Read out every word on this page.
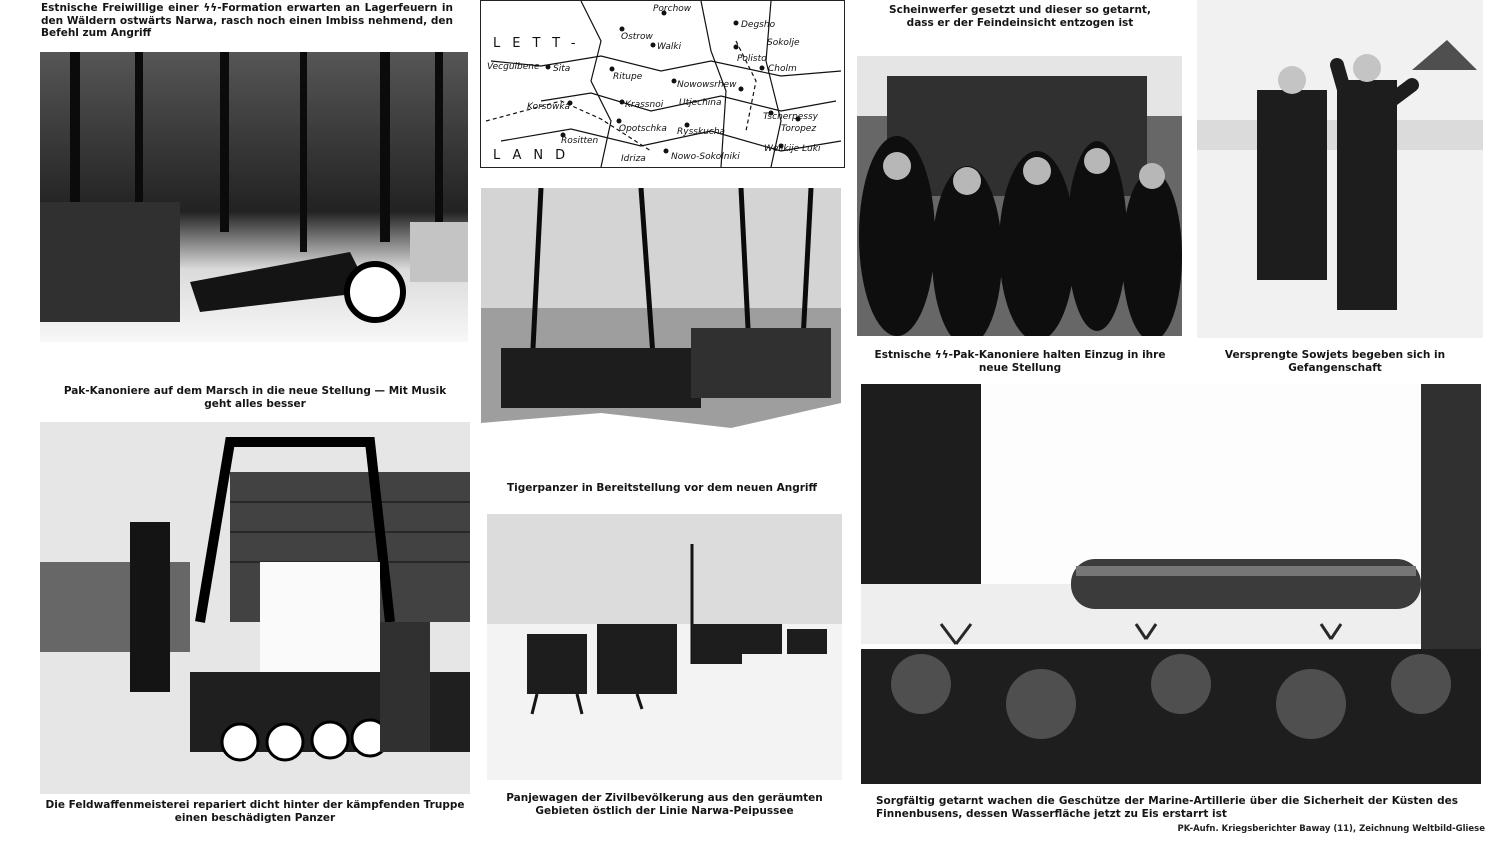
Estnische Freiwillige einer ϟϟ-Formation erwarten an Lagerfeuern in den Wäldern ostwärts Narwa, rasch noch einen Imbiss nehmend, den Befehl zum Angriff
Pak-Kanoniere auf dem Marsch in die neue Stellung — Mit Musik geht alles besser
Die Feldwaffenmeisterei repariert dicht hinter der kämpfenden Truppe einen beschädigten Panzer
LETT-
LAND
Porchow
Degsho
Ostrow
Walki	Sokolje
Polisto
Cholm
Vecgulbene Sita
Ritupe
Nowowsrhew
Korsowka	Krassnoi Utjechina
Tscherpessy
Opotschka Rysskucha	Toropez
Rositten
Idriza	Nowo-Sokolniki
Welikije Luki
Tigerpanzer in Bereitstellung vor dem neuen Angriff
Panjewagen der Zivilbevölkerung aus den geräumten Gebieten östlich der Linie Narwa-Peipussee
Scheinwerfer gesetzt und dieser so getarnt, dass er der Feindeinsicht entzogen ist
Estnische ϟϟ-Pak-Kanoniere halten Einzug in ihre neue Stellung
Versprengte Sowjets begeben sich in Gefangenschaft
Sorgfältig getarnt wachen die Geschütze der Marine-Artillerie über die Sicherheit der Küsten des Finnenbusens, dessen Wasserfläche jetzt zu Eis erstarrt ist
PK-Aufn. Kriegsberichter Baway (11), Zeichnung Weltbild-Gliese
